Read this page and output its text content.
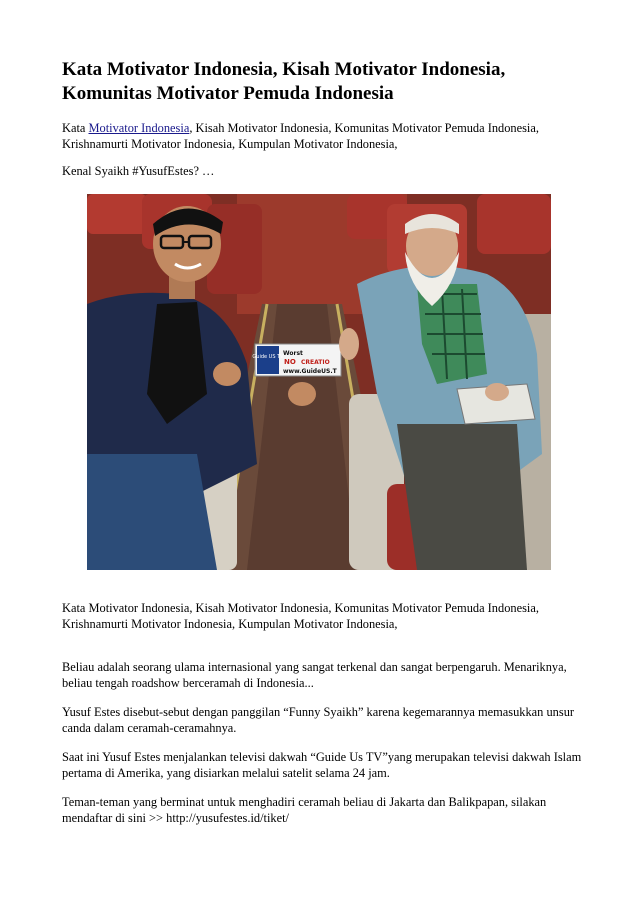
Kata Motivator Indonesia, Kisah Motivator Indonesia, Komunitas Motivator Pemuda Indonesia

Kata Motivator Indonesia, Kisah Motivator Indonesia, Komunitas Motivator Pemuda Indonesia, Krishnamurti Motivator Indonesia, Kumpulan Motivator Indonesia,

Kenal Syaikh #YusufEstes? …

Guide US TV Worst
NO CREATIO
www.GuideUS.T

Kata Motivator Indonesia, Kisah Motivator Indonesia, Komunitas Motivator Pemuda Indonesia, Krishnamurti Motivator Indonesia, Kumpulan Motivator Indonesia,

Beliau adalah seorang ulama internasional yang sangat terkenal dan sangat berpengaruh. Menariknya, beliau tengah roadshow berceramah di Indonesia...

Yusuf Estes disebut-sebut dengan panggilan “Funny Syaikh” karena kegemarannya memasukkan unsur canda dalam ceramah-ceramahnya.

Saat ini Yusuf Estes menjalankan televisi dakwah “Guide Us TV”yang merupakan televisi dakwah Islam pertama di Amerika, yang disiarkan melalui satelit selama 24 jam.

Teman-teman yang berminat untuk menghadiri ceramah beliau di Jakarta dan Balikpapan, silakan mendaftar di sini >> http://yusufestes.id/tiket/
